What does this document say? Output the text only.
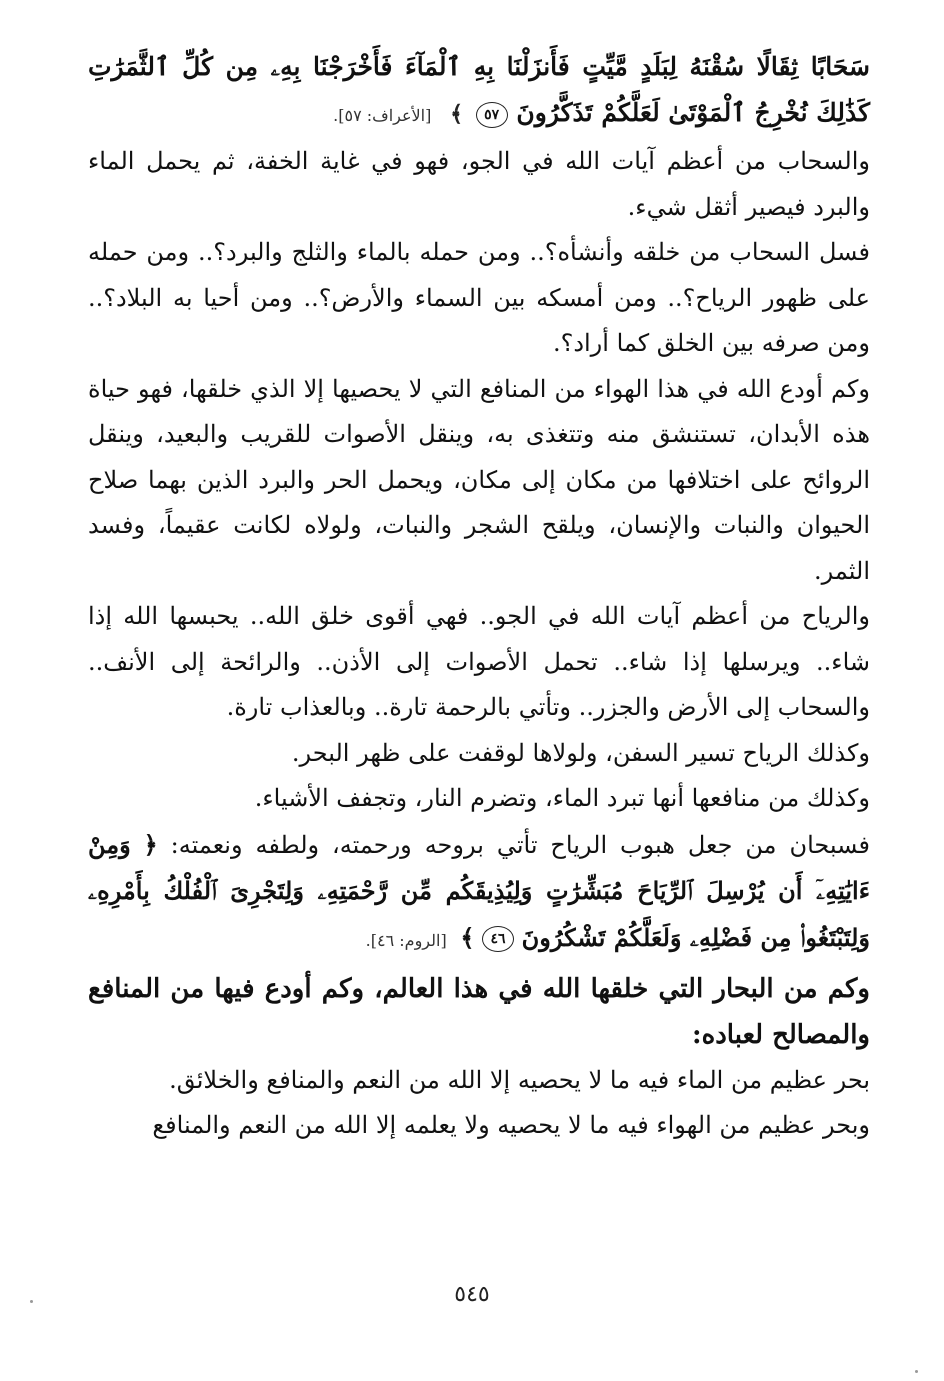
سَحَابًا ثِقَالًا سُقْنَهُ لِبَلَدٍ مَّيِّتٍ فَأَنزَلْنَا بِهِ ٱلْمَآءَ فَأَخْرَجْنَا بِهِۦ مِن كُلِّ ٱلثَّمَرَٰتِ كَذَٰلِكَ نُخْرِجُ ٱلْمَوْتَىٰ لَعَلَّكُمْ تَذَكَّرُونَ ٥٧ ﴾ [الأعراف: ٥٧].

والسحاب من أعظم آيات الله في الجو، فهو في غاية الخفة، ثم يحمل الماء والبرد فيصير أثقل شيء.

فسل السحاب من خلقه وأنشأه؟.. ومن حمله بالماء والثلج والبرد؟.. ومن حمله على ظهور الرياح؟.. ومن أمسكه بين السماء والأرض؟.. ومن أحيا به البلاد؟.. ومن صرفه بين الخلق كما أراد؟.

وكم أودع الله في هذا الهواء من المنافع التي لا يحصيها إلا الذي خلقها، فهو حياة هذه الأبدان، تستنشق منه وتتغذى به، وينقل الأصوات للقريب والبعيد، وينقل الروائح على اختلافها من مكان إلى مكان، ويحمل الحر والبرد الذين بهما صلاح الحيوان والنبات والإنسان، ويلقح الشجر والنبات، ولولاه لكانت عقيماً، وفسد الثمر.

والرياح من أعظم آيات الله في الجو.. فهي أقوى خلق الله.. يحبسها الله إذا شاء.. ويرسلها إذا شاء.. تحمل الأصوات إلى الأذن.. والرائحة إلى الأنف.. والسحاب إلى الأرض والجزر.. وتأتي بالرحمة تارة.. وبالعذاب تارة.

وكذلك الرياح تسير السفن، ولولاها لوقفت على ظهر البحر.

وكذلك من منافعها أنها تبرد الماء، وتضرم النار، وتجفف الأشياء.

فسبحان من جعل هبوب الرياح تأتي بروحه ورحمته، ولطفه ونعمته: ﴿ وَمِنْ ءَايَٰتِهِۦٓ أَن يُرْسِلَ ٱلرِّيَاحَ مُبَشِّرَٰتٍ وَلِيُذِيقَكُم مِّن رَّحْمَتِهِۦ وَلِتَجْرِىَ ٱلْفُلْكُ بِأَمْرِهِۦ وَلِتَبْتَغُوا۟ مِن فَضْلِهِۦ وَلَعَلَّكُمْ تَشْكُرُونَ ٤٦ ﴾ [الروم: ٤٦].

وكم من البحار التي خلقها الله في هذا العالم، وكم أودع فيها من المنافع والمصالح لعباده:

بحر عظيم من الماء فيه ما لا يحصيه إلا الله من النعم والمنافع والخلائق.

وبحر عظيم من الهواء فيه ما لا يحصيه ولا يعلمه إلا الله من النعم والمنافع

٥٤٥
